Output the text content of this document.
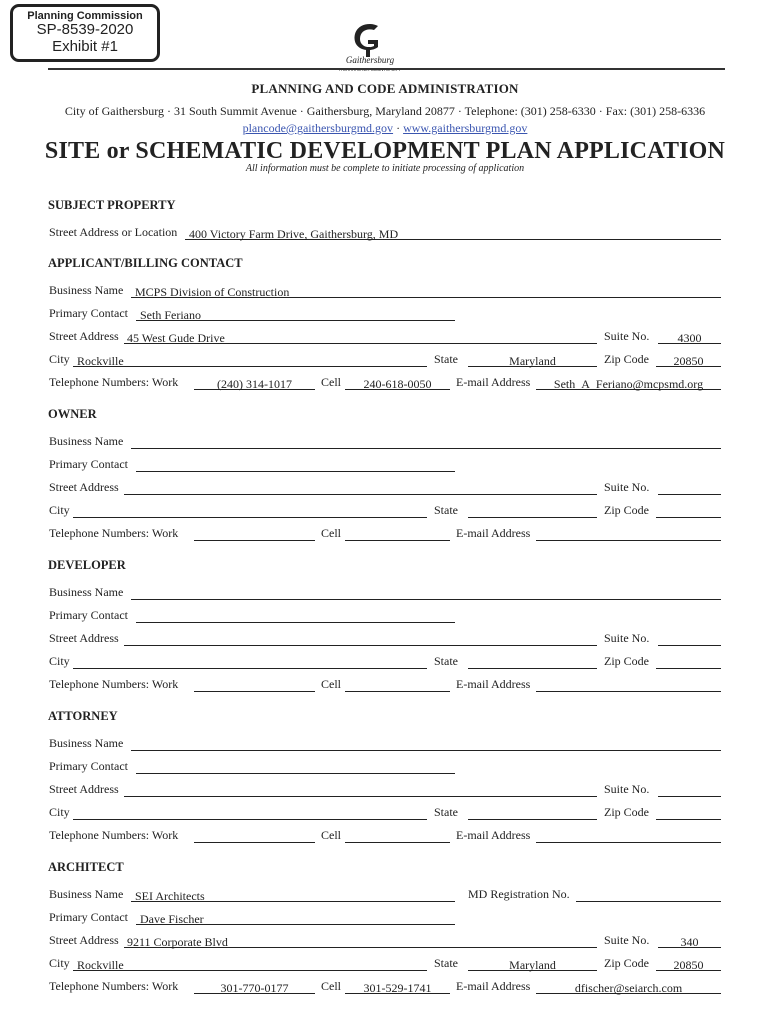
Planning Commission
SP-8539-2020
Exhibit #1
Gaithersburg
A CHARACTER COUNTS! CITY
PLANNING AND CODE ADMINISTRATION
City of Gaithersburg · 31 South Summit Avenue · Gaithersburg, Maryland 20877 · Telephone: (301) 258-6330 · Fax: (301) 258-6336
plancode@gaithersburgmd.gov · www.gaithersburgmd.gov
SITE or SCHEMATIC DEVELOPMENT PLAN APPLICATION
All information must be complete to initiate processing of application
SUBJECT PROPERTY
Street Address or Location 400 Victory Farm Drive, Gaithersburg, MD
APPLICANT/BILLING CONTACT
Business Name MCPS Division of Construction
Primary Contact Seth Feriano
Street Address 45 West Gude Drive	Suite No.	4300
City Rockville	State	Maryland	Zip Code	20850
Telephone Numbers: Work	(240) 314-1017	Cell	240-618-0050	E-mail Address	Seth_A_Feriano@mcpsmd.org
OWNER
Business Name
Primary Contact
Street Address	Suite No.
City	State	Zip Code
Telephone Numbers: Work	Cell	E-mail Address
DEVELOPER
Business Name
Primary Contact
Street Address	Suite No.
City	State	Zip Code
Telephone Numbers: Work	Cell	E-mail Address
ATTORNEY
Business Name
Primary Contact
Street Address	Suite No.
City	State	Zip Code
Telephone Numbers: Work	Cell	E-mail Address
ARCHITECT
Business Name SEI Architects	MD Registration No.
Primary Contact Dave Fischer
Street Address 9211 Corporate Blvd	Suite No.	340
City Rockville	State	Maryland	Zip Code	20850
Telephone Numbers: Work	301-770-0177	Cell	301-529-1741	E-mail Address	dfischer@seiarch.com
